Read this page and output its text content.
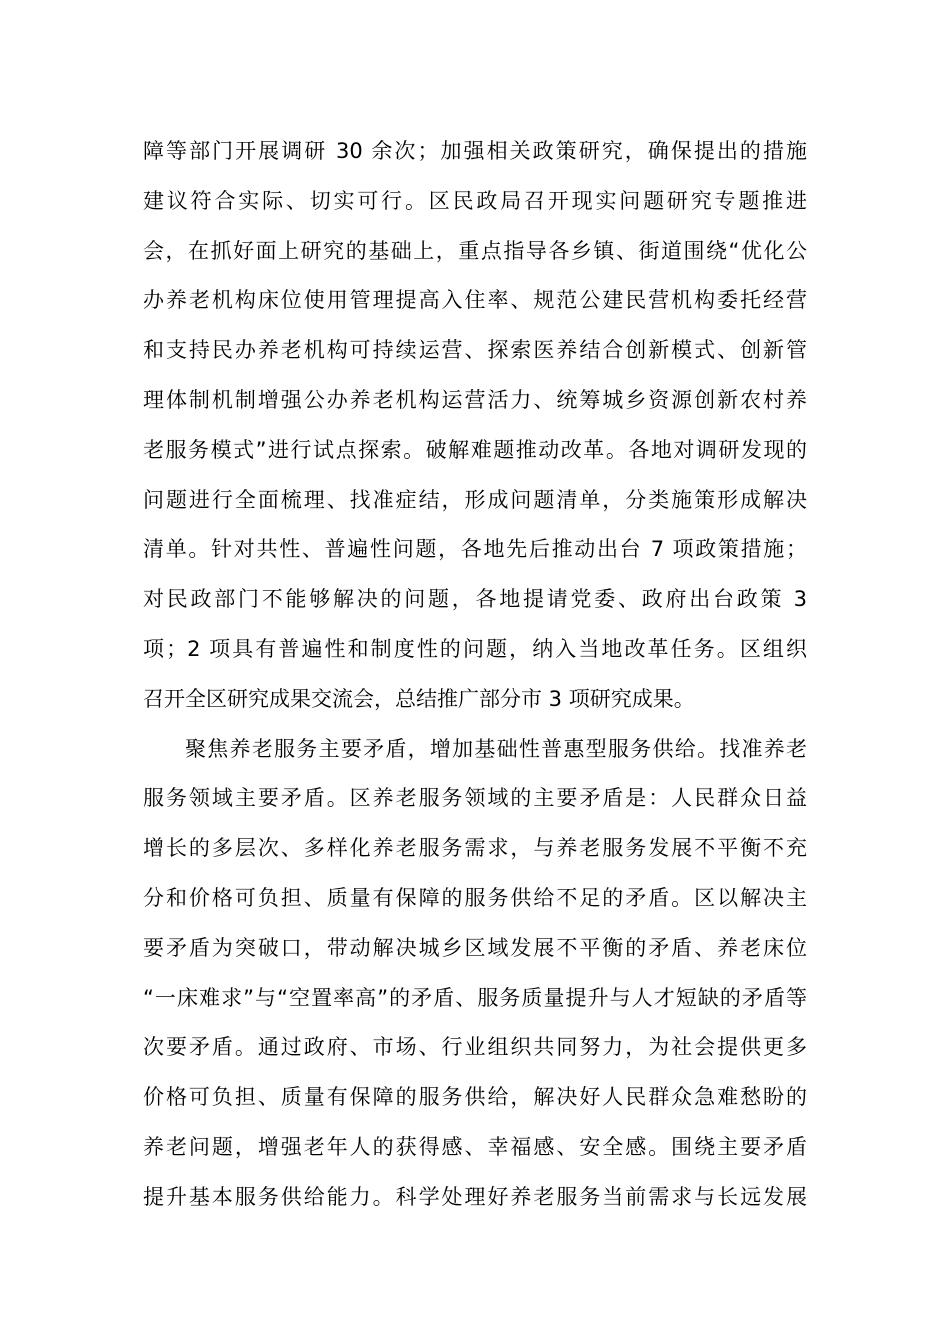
障等部门开展调研 30 余次；加强相关政策研究，确保提出的措施
建议符合实际、切实可行。区民政局召开现实问题研究专题推进
会，在抓好面上研究的基础上，重点指导各乡镇、街道围绕“优化公
办养老机构床位使用管理提高入住率、规范公建民营机构委托经营
和支持民办养老机构可持续运营、探索医养结合创新模式、创新管
理体制机制增强公办养老机构运营活力、统筹城乡资源创新农村养
老服务模式”进行试点探索。破解难题推动改革。各地对调研发现的
问题进行全面梳理、找准症结，形成问题清单，分类施策形成解决
清单。针对共性、普遍性问题，各地先后推动出台 7 项政策措施；
对民政部门不能够解决的问题，各地提请党委、政府出台政策 3
项；2 项具有普遍性和制度性的问题，纳入当地改革任务。区组织
召开全区研究成果交流会，总结推广部分市 3 项研究成果。
聚焦养老服务主要矛盾，增加基础性普惠型服务供给。找准养老
服务领域主要矛盾。区养老服务领域的主要矛盾是：人民群众日益
增长的多层次、多样化养老服务需求，与养老服务发展不平衡不充
分和价格可负担、质量有保障的服务供给不足的矛盾。区以解决主
要矛盾为突破口，带动解决城乡区域发展不平衡的矛盾、养老床位
“一床难求”与“空置率高”的矛盾、服务质量提升与人才短缺的矛盾等
次要矛盾。通过政府、市场、行业组织共同努力，为社会提供更多
价格可负担、质量有保障的服务供给，解决好人民群众急难愁盼的
养老问题，增强老年人的获得感、幸福感、安全感。围绕主要矛盾
提升基本服务供给能力。科学处理好养老服务当前需求与长远发展
